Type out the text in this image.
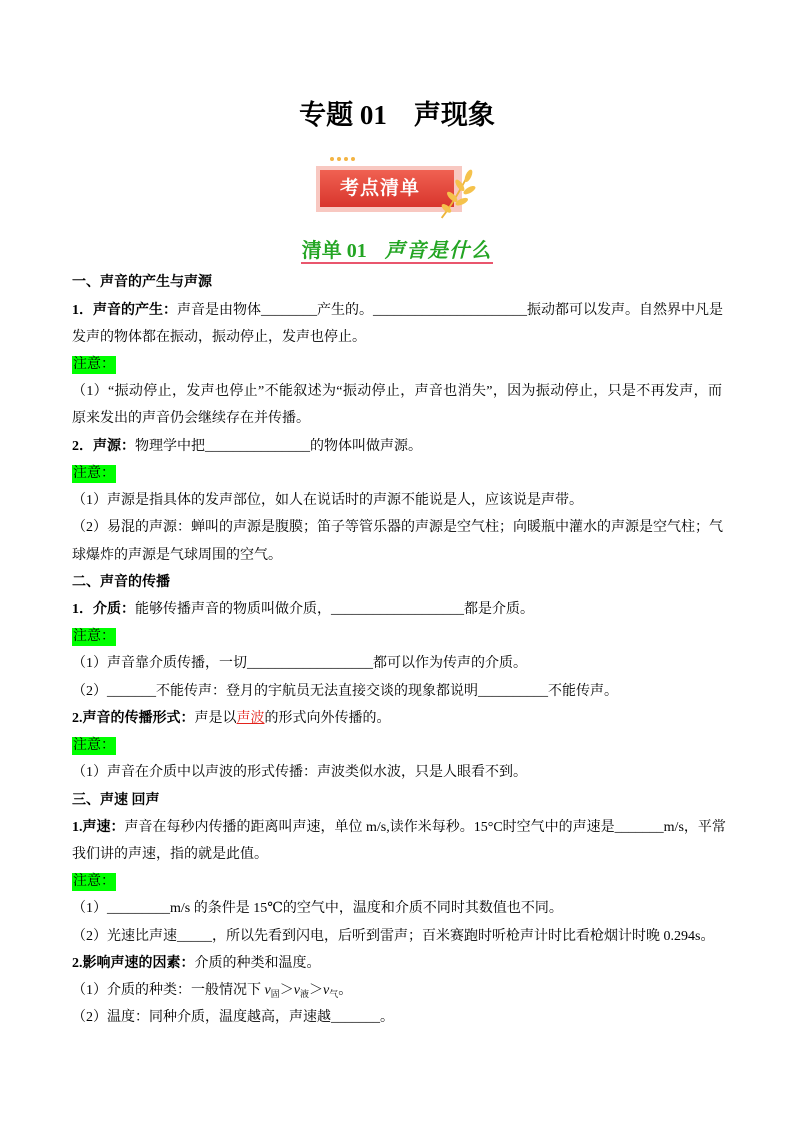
专题 01　声现象
考点清单
清单 01 声音是什么
一、声音的产生与声源
1．声音的产生：声音是由物体________产生的。______________________振动都可以发声。自然界中凡是
发声的物体都在振动，振动停止，发声也停止。
注意：
（1）“振动停止，发声也停止”不能叙述为“振动停止，声音也消失”，因为振动停止，只是不再发声，而
原来发出的声音仍会继续存在并传播。
2．声源：物理学中把_______________的物体叫做声源。
注意：
（1）声源是指具体的发声部位，如人在说话时的声源不能说是人，应该说是声带。
（2）易混的声源：蝉叫的声源是腹膜；笛子等管乐器的声源是空气柱；向暖瓶中灌水的声源是空气柱；气
球爆炸的声源是气球周围的空气。
二、声音的传播
1．介质：能够传播声音的物质叫做介质，___________________都是介质。
注意：
（1）声音靠介质传播，一切__________________都可以作为传声的介质。
（2）_______不能传声：登月的宇航员无法直接交谈的现象都说明__________不能传声。
2.声音的传播形式：声是以声波的形式向外传播的。
注意：
（1）声音在介质中以声波的形式传播：声波类似水波，只是人眼看不到。
三、声速 回声
1.声速：声音在每秒内传播的距离叫声速，单位 m/s,读作米每秒。15°C时空气中的声速是_______m/s，平常
我们讲的声速，指的就是此值。
注意：
（1）_________m/s 的条件是 15℃的空气中，温度和介质不同时其数值也不同。
（2）光速比声速_____，所以先看到闪电，后听到雷声；百米赛跑时听枪声计时比看枪烟计时晚 0.294s。
2.影响声速的因素：介质的种类和温度。
（1）介质的种类：一般情况下 $v_固>v_液>v_气$。
（2）温度：同种介质，温度越高，声速越_______。
